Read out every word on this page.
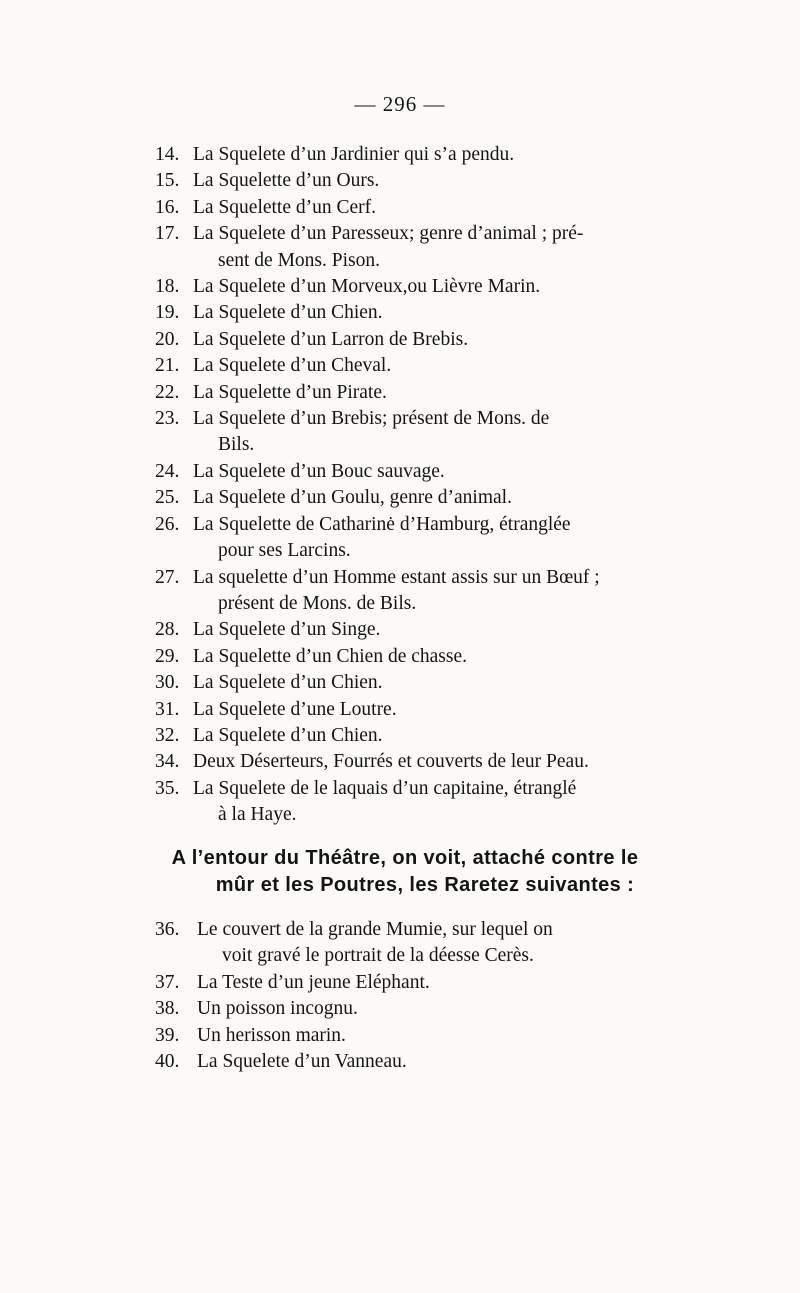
— 296 —
14. La Squelete d’un Jardinier qui s’a pendu.
15. La Squelette d’un Ours.
16. La Squelette d’un Cerf.
17. La Squelete d’un Paresseux; genre d’animal ; pré-
sent de Mons. Pison.
18. La Squelete d’un Morveux,ou Lièvre Marin.
19. La Squelete d’un Chien.
20. La Squelete d’un Larron de Brebis.
21. La Squelete d’un Cheval.
22. La Squelette d’un Pirate.
23. La Squelete d’un Brebis; présent de Mons. de
Bils.
24. La Squelete d’un Bouc sauvage.
25. La Squelete d’un Goulu, genre d’animal.
26. La Squelette de Catharinė d’Hamburg, étranglée
pour ses Larcins.
27. La squelette d’un Homme estant assis sur un Bœuf ;
présent de Mons. de Bils.
28. La Squelete d’un Singe.
29. La Squelette d’un Chien de chasse.
30. La Squelete d’un Chien.
31. La Squelete d’une Loutre.
32. La Squelete d’un Chien.
34. Deux Déserteurs, Fourrés et couverts de leur Peau.
35. La Squelete de le laquais d’un capitaine, étranglé
à la Haye.
A l’entour du Théâtre, on voit, attaché contre le
mûr et les Poutres, les Raretez suivantes :
36. Le couvert de la grande Mumie, sur lequel on
voit gravé le portrait de la déesse Cerès.
37. La Teste d’un jeune Eléphant.
38. Un poisson incognu.
39. Un herisson marin.
40. La Squelete d’un Vanneau.
